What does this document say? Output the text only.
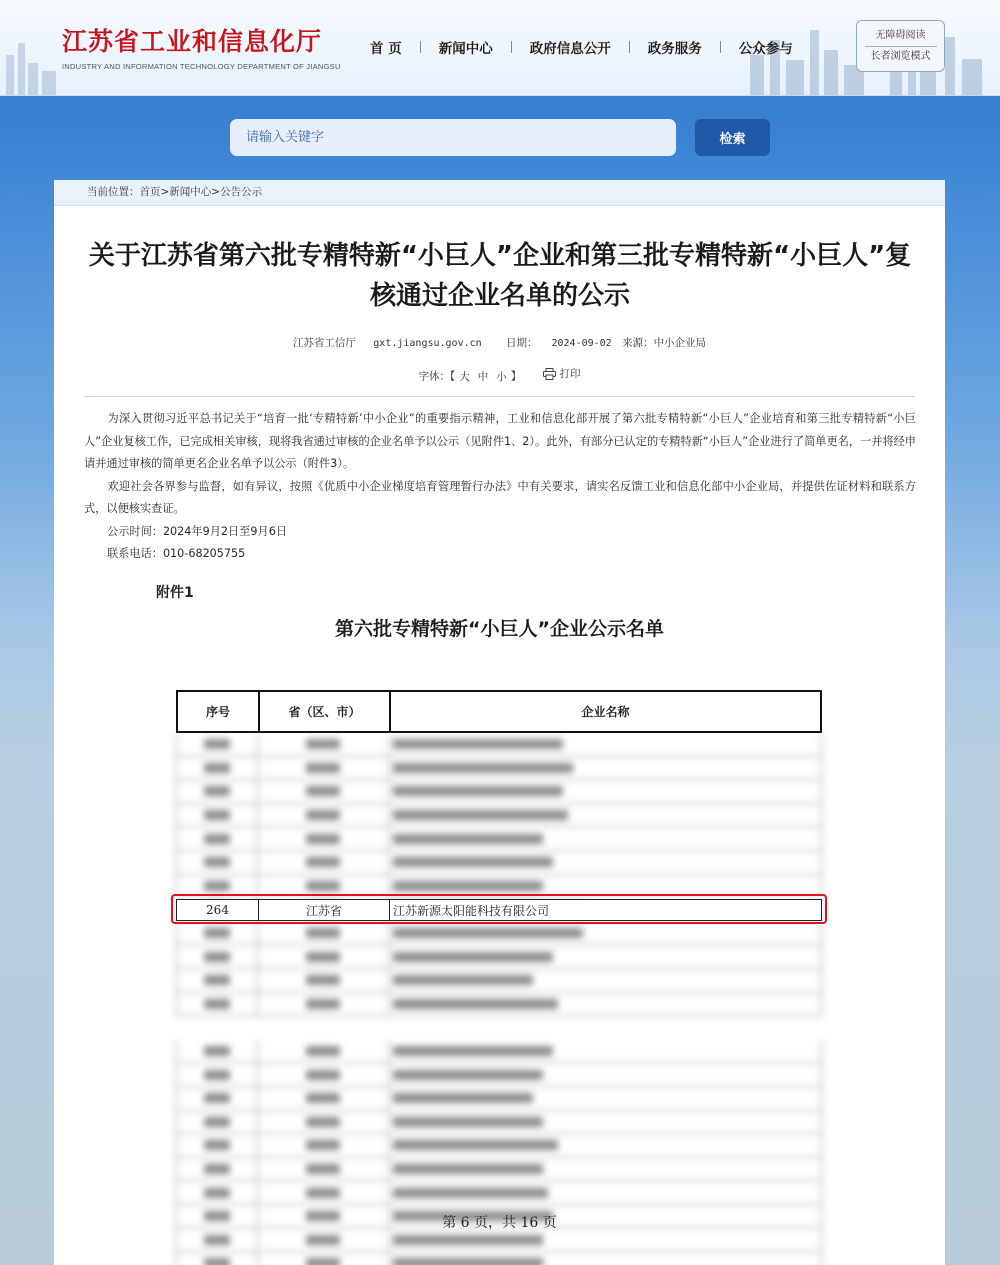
江苏省工业和信息化厅
INDUSTRY AND INFORMATION TECHNOLOGY DEPARTMENT OF JIANGSU
首 页	新闻中心	政府信息公开	政务服务	公众参与
无障碍阅读
长者浏览模式
请输入关键字
检索
当前位置：首页>新闻中心>公告公示
关于江苏省第六批专精特新“小巨人”企业和第三批专精特新“小巨人”复核通过企业名单的公示
江苏省工信厅 gxt.jiangsu.gov.cn 日期： 2024-09-02 来源：中小企业局
字体：【 大 中 小 】	打印

为深入贯彻习近平总书记关于“培育一批‘专精特新’中小企业”的重要指示精神，工业和信息化部开展了第六批专精特新“小巨人”企业培育和第三批专精特新“小巨人”企业复核工作，已完成相关审核，现将我省通过审核的企业名单予以公示（见附件1、2）。此外，有部分已认定的专精特新“小巨人”企业进行了简单更名，一并将经申请并通过审核的简单更名企业名单予以公示（附件3）。

欢迎社会各界参与监督，如有异议，按照《优质中小企业梯度培育管理暂行办法》中有关要求，请实名反馈工业和信息化部中小企业局，并提供佐证材料和联系方式，以便核实查证。

公示时间：2024年9月2日至9月6日
联系电话：010-68205755
附件1
第六批专精特新“小巨人”企业公示名单
序号	省（区、市）	企业名称
264	江苏省	江苏新源太阳能科技有限公司
第 6 页，共 16 页
